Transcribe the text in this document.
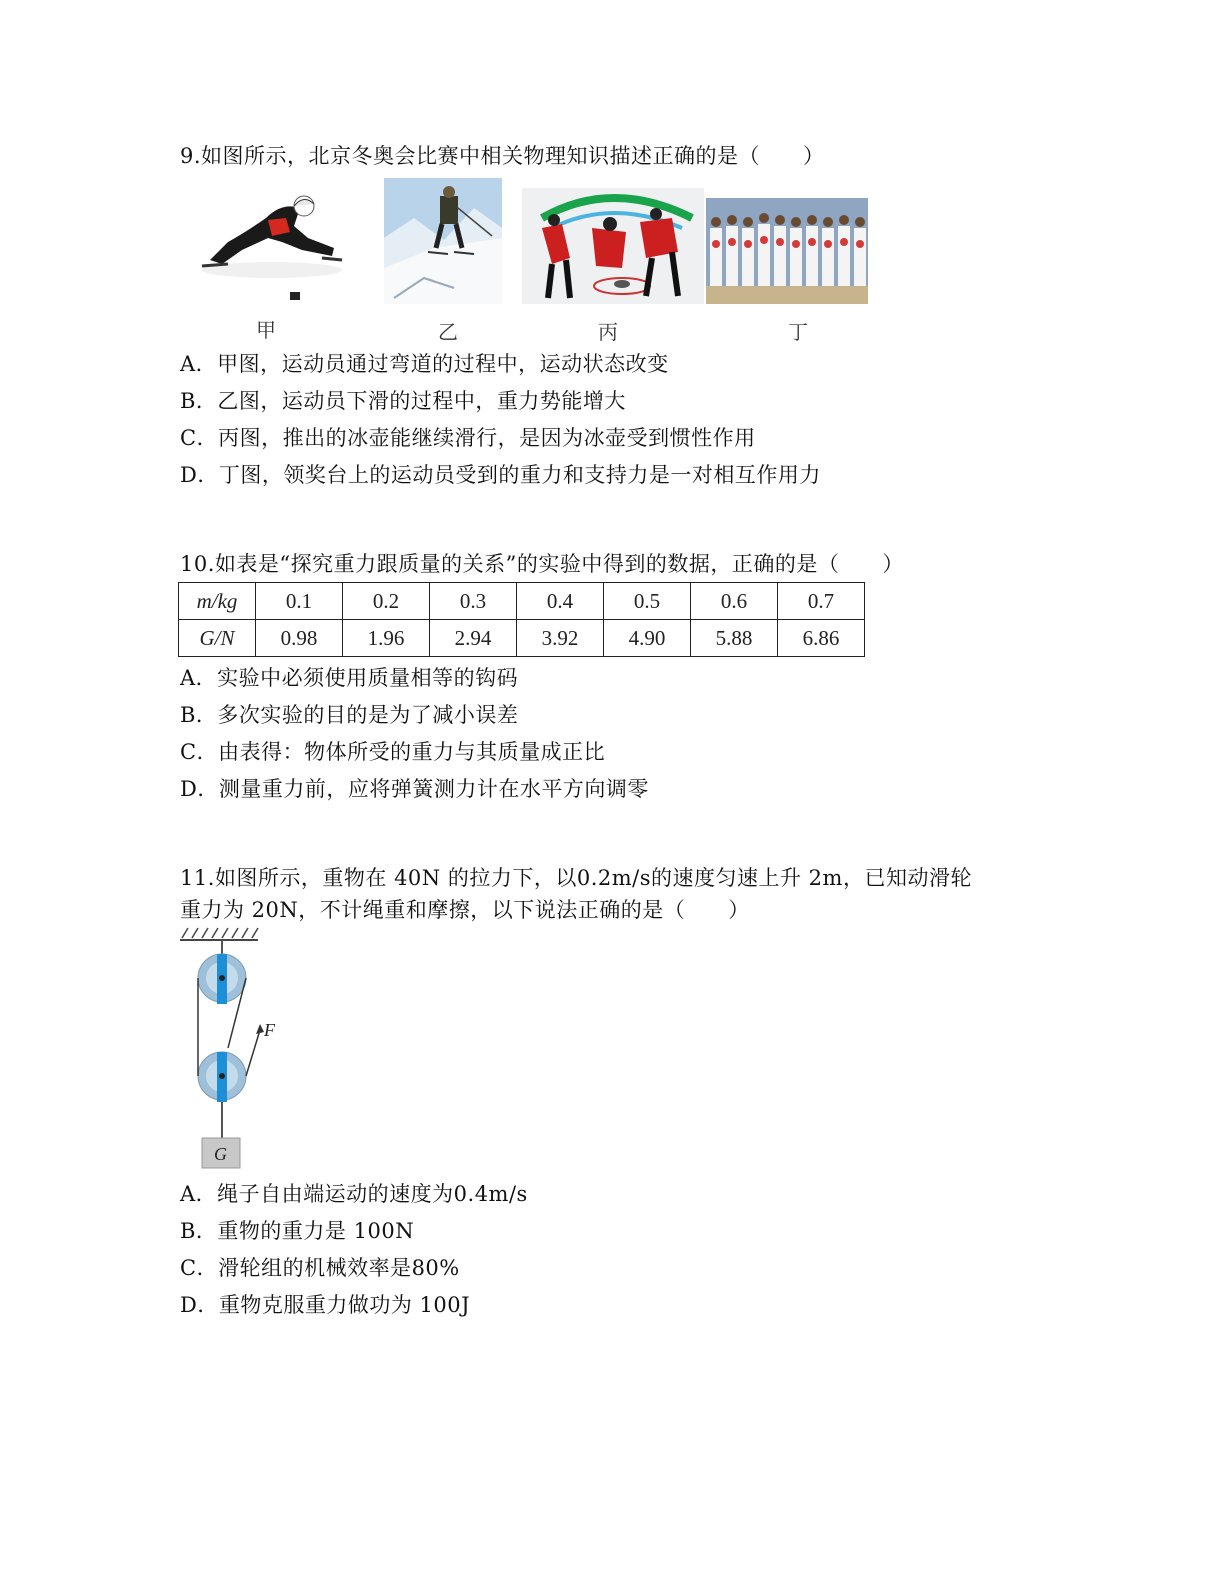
9.如图所示，北京冬奥会比赛中相关物理知识描述正确的是（　　）
甲	乙	丙	丁
A．甲图，运动员通过弯道的过程中，运动状态改变
B．乙图，运动员下滑的过程中，重力势能增大
C．丙图，推出的冰壶能继续滑行，是因为冰壶受到惯性作用
D．丁图，领奖台上的运动员受到的重力和支持力是一对相互作用力
10.如表是“探究重力跟质量的关系”的实验中得到的数据，正确的是（　　）
m/kg	0.1	0.2	0.3	0.4	0.5	0.6	0.7
G/N	0.98	1.96	2.94	3.92	4.90	5.88	6.86
A．实验中必须使用质量相等的钩码
B．多次实验的目的是为了减小误差
C．由表得：物体所受的重力与其质量成正比
D．测量重力前，应将弹簧测力计在水平方向调零
11.如图所示，重物在 40N 的拉力下，以0.2m/s的速度匀速上升 2m，已知动滑轮
重力为 20N，不计绳重和摩擦，以下说法正确的是（　　）
F
G
A．绳子自由端运动的速度为0.4m/s
B．重物的重力是 100N
C．滑轮组的机械效率是80%
D．重物克服重力做功为 100J
